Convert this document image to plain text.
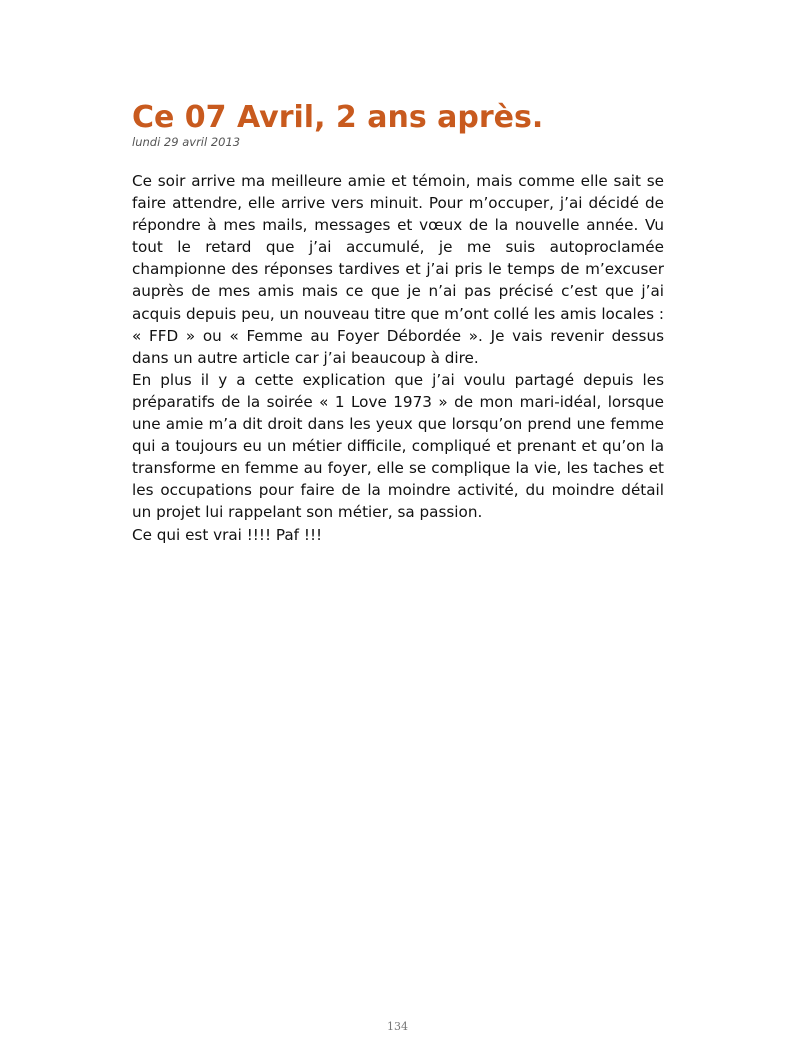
Ce 07 Avril, 2 ans après.
lundi 29 avril 2013

Ce soir arrive ma meilleure amie et témoin, mais comme elle sait se faire attendre, elle arrive vers minuit. Pour m’occuper, j’ai décidé de répondre à mes mails, messages et vœux de la nouvelle année. Vu tout le retard que j’ai accumulé, je me suis autoproclamée championne des réponses tardives et j’ai pris le temps de m’excuser auprès de mes amis mais ce que je n’ai pas précisé c’est que j’ai acquis depuis peu, un nouveau titre que m’ont collé les amis locales : « FFD » ou « Femme au Foyer Débordée ». Je vais revenir dessus dans un autre article car j’ai beaucoup à dire.

En plus il y a cette explication que j’ai voulu partagé depuis les préparatifs de la soirée « 1 Love 1973 » de mon mari-idéal, lorsque une amie m’a dit droit dans les yeux que lorsqu’on prend une femme qui a toujours eu un métier difficile, compliqué et prenant et qu’on la transforme en femme au foyer, elle se complique la vie, les taches et les occupations pour faire de la moindre activité, du moindre détail un projet lui rappelant son métier, sa passion.

Ce qui est vrai !!!! Paf !!!

134
